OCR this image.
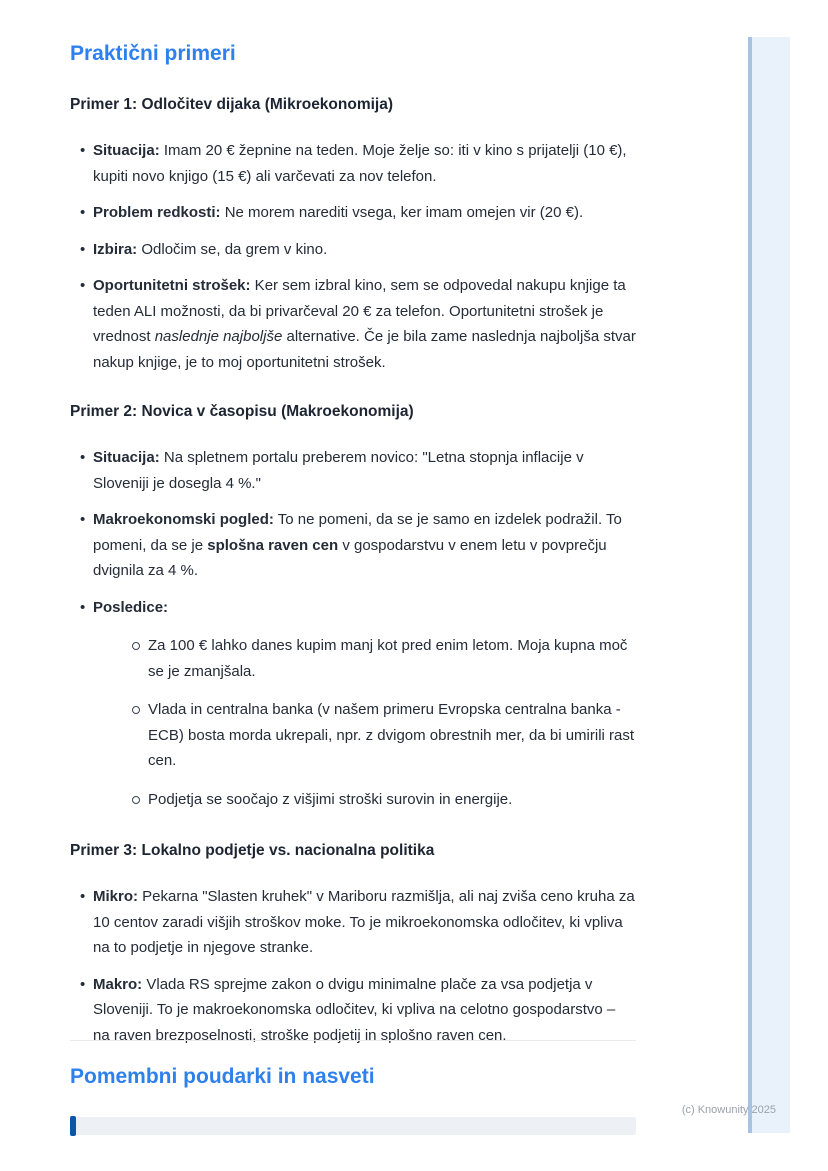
Praktični primeri
Primer 1: Odločitev dijaka (Mikroekonomija)
• Situacija: Imam 20 € žepnine na teden. Moje želje so: iti v kino s prijatelji (10 €), kupiti novo knjigo (15 €) ali varčevati za nov telefon.
• Problem redkosti: Ne morem narediti vsega, ker imam omejen vir (20 €).
• Izbira: Odločim se, da grem v kino.
• Oportunitetni strošek: Ker sem izbral kino, sem se odpovedal nakupu knjige ta teden ALI možnosti, da bi privarčeval 20 € za telefon. Oportunitetni strošek je vrednost naslednje najboljše alternative. Če je bila zame naslednja najboljša stvar nakup knjige, je to moj oportunitetni strošek.
Primer 2: Novica v časopisu (Makroekonomija)
• Situacija: Na spletnem portalu preberem novico: "Letna stopnja inflacije v Sloveniji je dosegla 4 %."
• Makroekonomski pogled: To ne pomeni, da se je samo en izdelek podražil. To pomeni, da se je splošna raven cen v gospodarstvu v enem letu v povprečju dvignila za 4 %.
• Posledice:
Za 100 € lahko danes kupim manj kot pred enim letom. Moja kupna moč se je zmanjšala.
Vlada in centralna banka (v našem primeru Evropska centralna banka - ECB) bosta morda ukrepali, npr. z dvigom obrestnih mer, da bi umirili rast cen.
Podjetja se soočajo z višjimi stroški surovin in energije.
Primer 3: Lokalno podjetje vs. nacionalna politika
• Mikro: Pekarna "Slasten kruhek" v Mariboru razmišlja, ali naj zviša ceno kruha za 10 centov zaradi višjih stroškov moke. To je mikroekonomska odločitev, ki vpliva na to podjetje in njegove stranke.
• Makro: Vlada RS sprejme zakon o dvigu minimalne plače za vsa podjetja v Sloveniji. To je makroekonomska odločitev, ki vpliva na celotno gospodarstvo – na raven brezposelnosti, stroške podjetij in splošno raven cen.
Pomembni poudarki in nasveti
(c) Knowunity 2025
